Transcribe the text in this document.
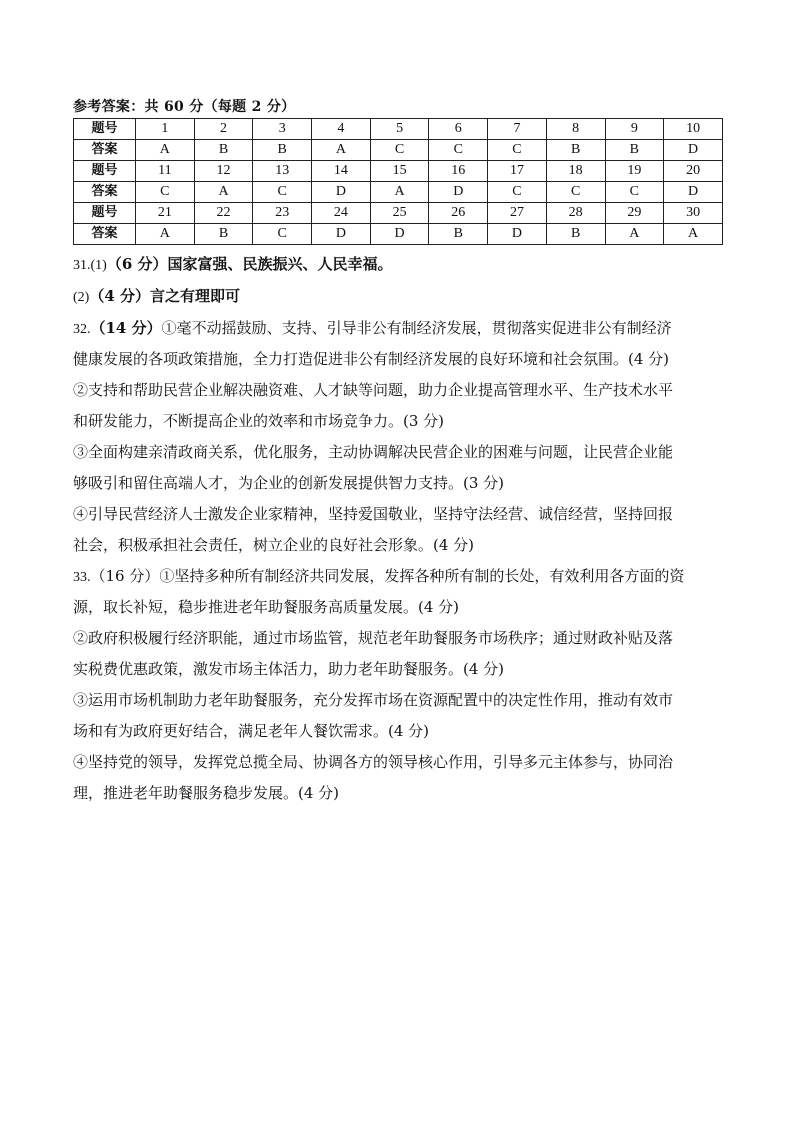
参考答案：共 60 分（每题 2 分）
题号	1	2	3	4	5	6	7	8	9	10
答案	A	B	B	A	C	C	C	B	B	D
题号	11	12	13	14	15	16	17	18	19	20
答案	C	A	C	D	A	D	C	C	C	D
题号	21	22	23	24	25	26	27	28	29	30
答案	A	B	C	D	D	B	D	B	A	A
31.(1)（6 分）国家富强、民族振兴、人民幸福。
(2)（4 分）言之有理即可
32.（14 分）①毫不动摇鼓励、支持、引导非公有制经济发展，贯彻落实促进非公有制经济
健康发展的各项政策措施，全力打造促进非公有制经济发展的良好环境和社会氛围。(4 分)
②支持和帮助民营企业解决融资难、人才缺等问题，助力企业提高管理水平、生产技术水平
和研发能力，不断提高企业的效率和市场竞争力。(3 分)
③全面构建亲清政商关系，优化服务，主动协调解决民营企业的困难与问题，让民营企业能
够吸引和留住高端人才，为企业的创新发展提供智力支持。(3 分)
④引导民营经济人士激发企业家精神，坚持爱国敬业，坚持守法经营、诚信经营，坚持回报
社会，积极承担社会责任，树立企业的良好社会形象。(4 分)
33.（16 分）①坚持多种所有制经济共同发展，发挥各种所有制的长处，有效利用各方面的资
源，取长补短，稳步推进老年助餐服务高质量发展。(4 分)
②政府积极履行经济职能，通过市场监管，规范老年助餐服务市场秩序；通过财政补贴及落
实税费优惠政策，激发市场主体活力，助力老年助餐服务。(4 分)
③运用市场机制助力老年助餐服务，充分发挥市场在资源配置中的决定性作用，推动有效市
场和有为政府更好结合，满足老年人餐饮需求。(4 分)
④坚持党的领导，发挥党总揽全局、协调各方的领导核心作用，引导多元主体参与，协同治
理，推进老年助餐服务稳步发展。(4 分)
